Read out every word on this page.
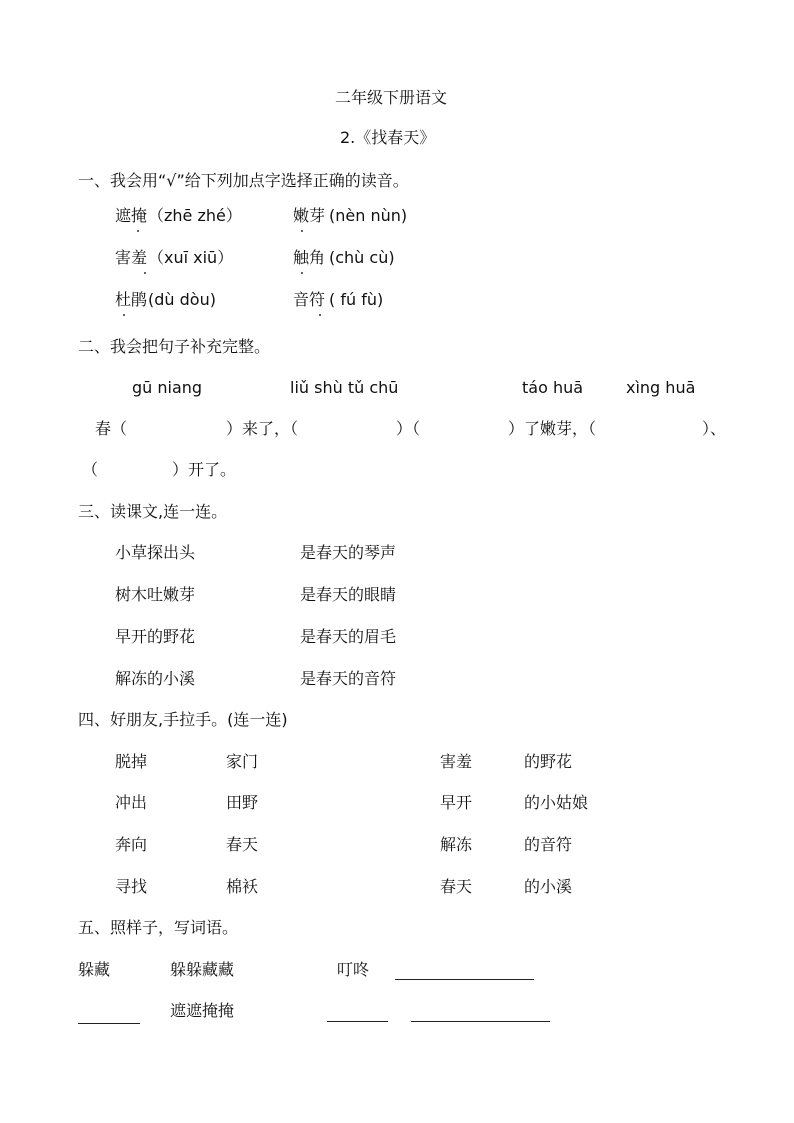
二年级下册语文
2.《找春天》
一、我会用“√”给下列加点字选择正确的读音。
遮掩 （zhē zhé）	嫩芽 (nèn nùn)
害羞 （xuī xiū）	触角 (chù cù)
杜鹃 (dù dòu)	音符 ( fú fù)
二、我会把句子补充完整。
gū niang	liǔ shù tǔ chū	táo huā	xìng huā
春（	）来了，（	）（	）了嫩芽，（	）、
（	）开了。
三、读课文,连一连。
小草探出头	是春天的琴声
树木吐嫩芽	是春天的眼睛
早开的野花	是春天的眉毛
解冻的小溪	是春天的音符
四、好朋友,手拉手。(连一连)
脱掉	家门	害羞	的野花
冲出	田野	早开	的小姑娘
奔向	春天	解冻	的音符
寻找	棉袄	春天	的小溪
五、照样子，写词语。
躲藏	躲躲藏藏	叮咚
遮遮掩掩
